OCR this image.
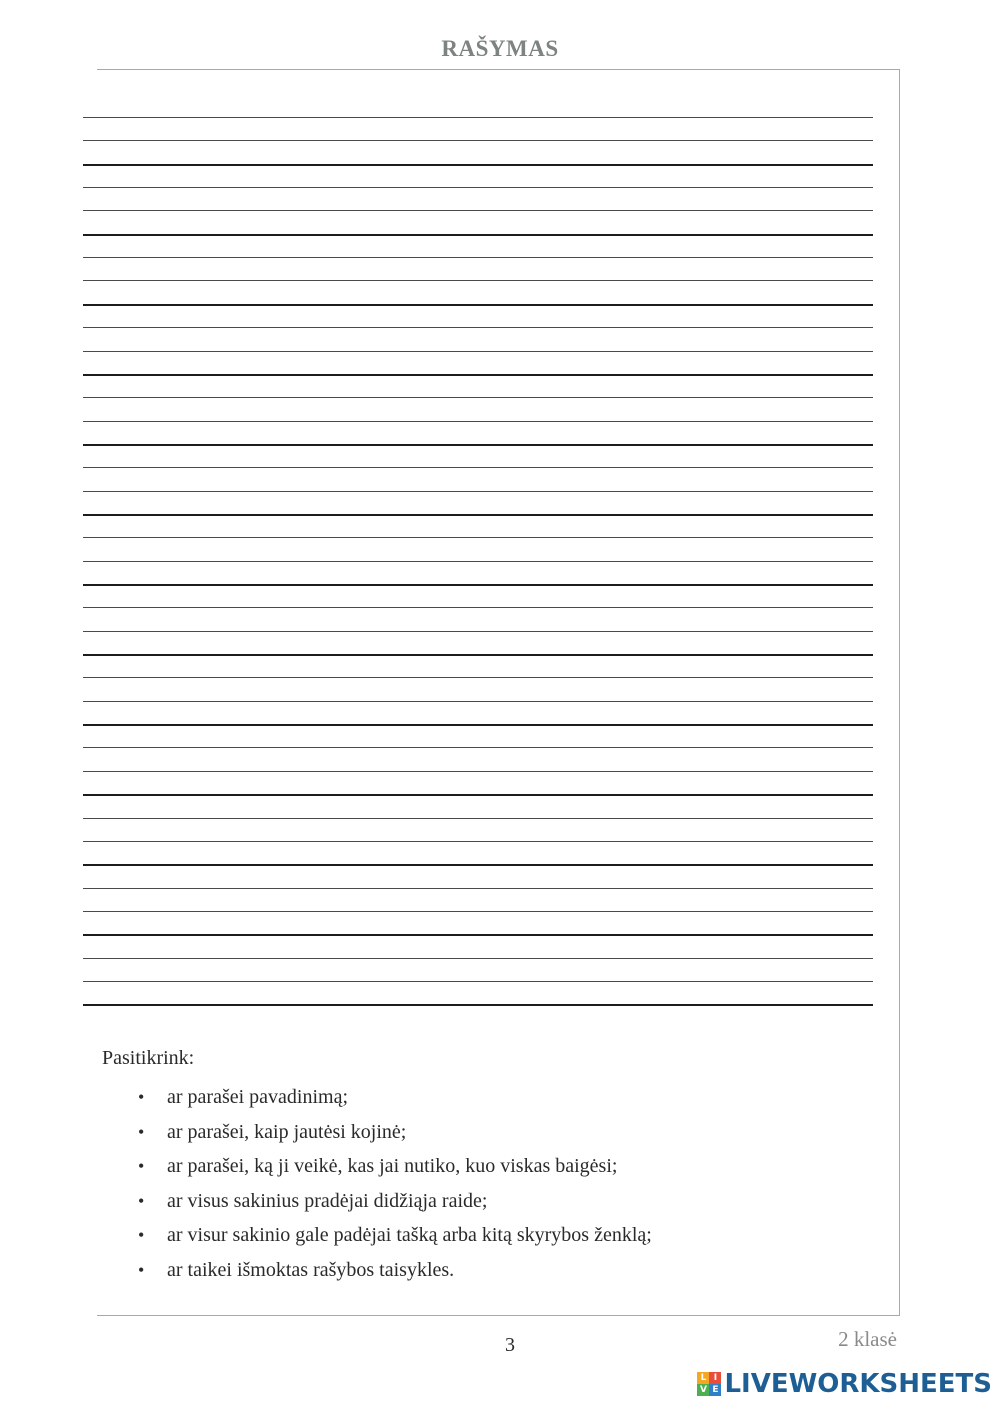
RAŠYMAS
Pasitikrink:
• ar parašei pavadinimą;
• ar parašei, kaip jautėsi kojinė;
• ar parašei, ką ji veikė, kas jai nutiko, kuo viskas baigėsi;
• ar visus sakinius pradėjai didžiąja raide;
• ar visur sakinio gale padėjai tašką arba kitą skyrybos ženklą;
• ar taikei išmoktas rašybos taisykles.
3	2 klasė
L I
V E LIVEWORKSHEETS
